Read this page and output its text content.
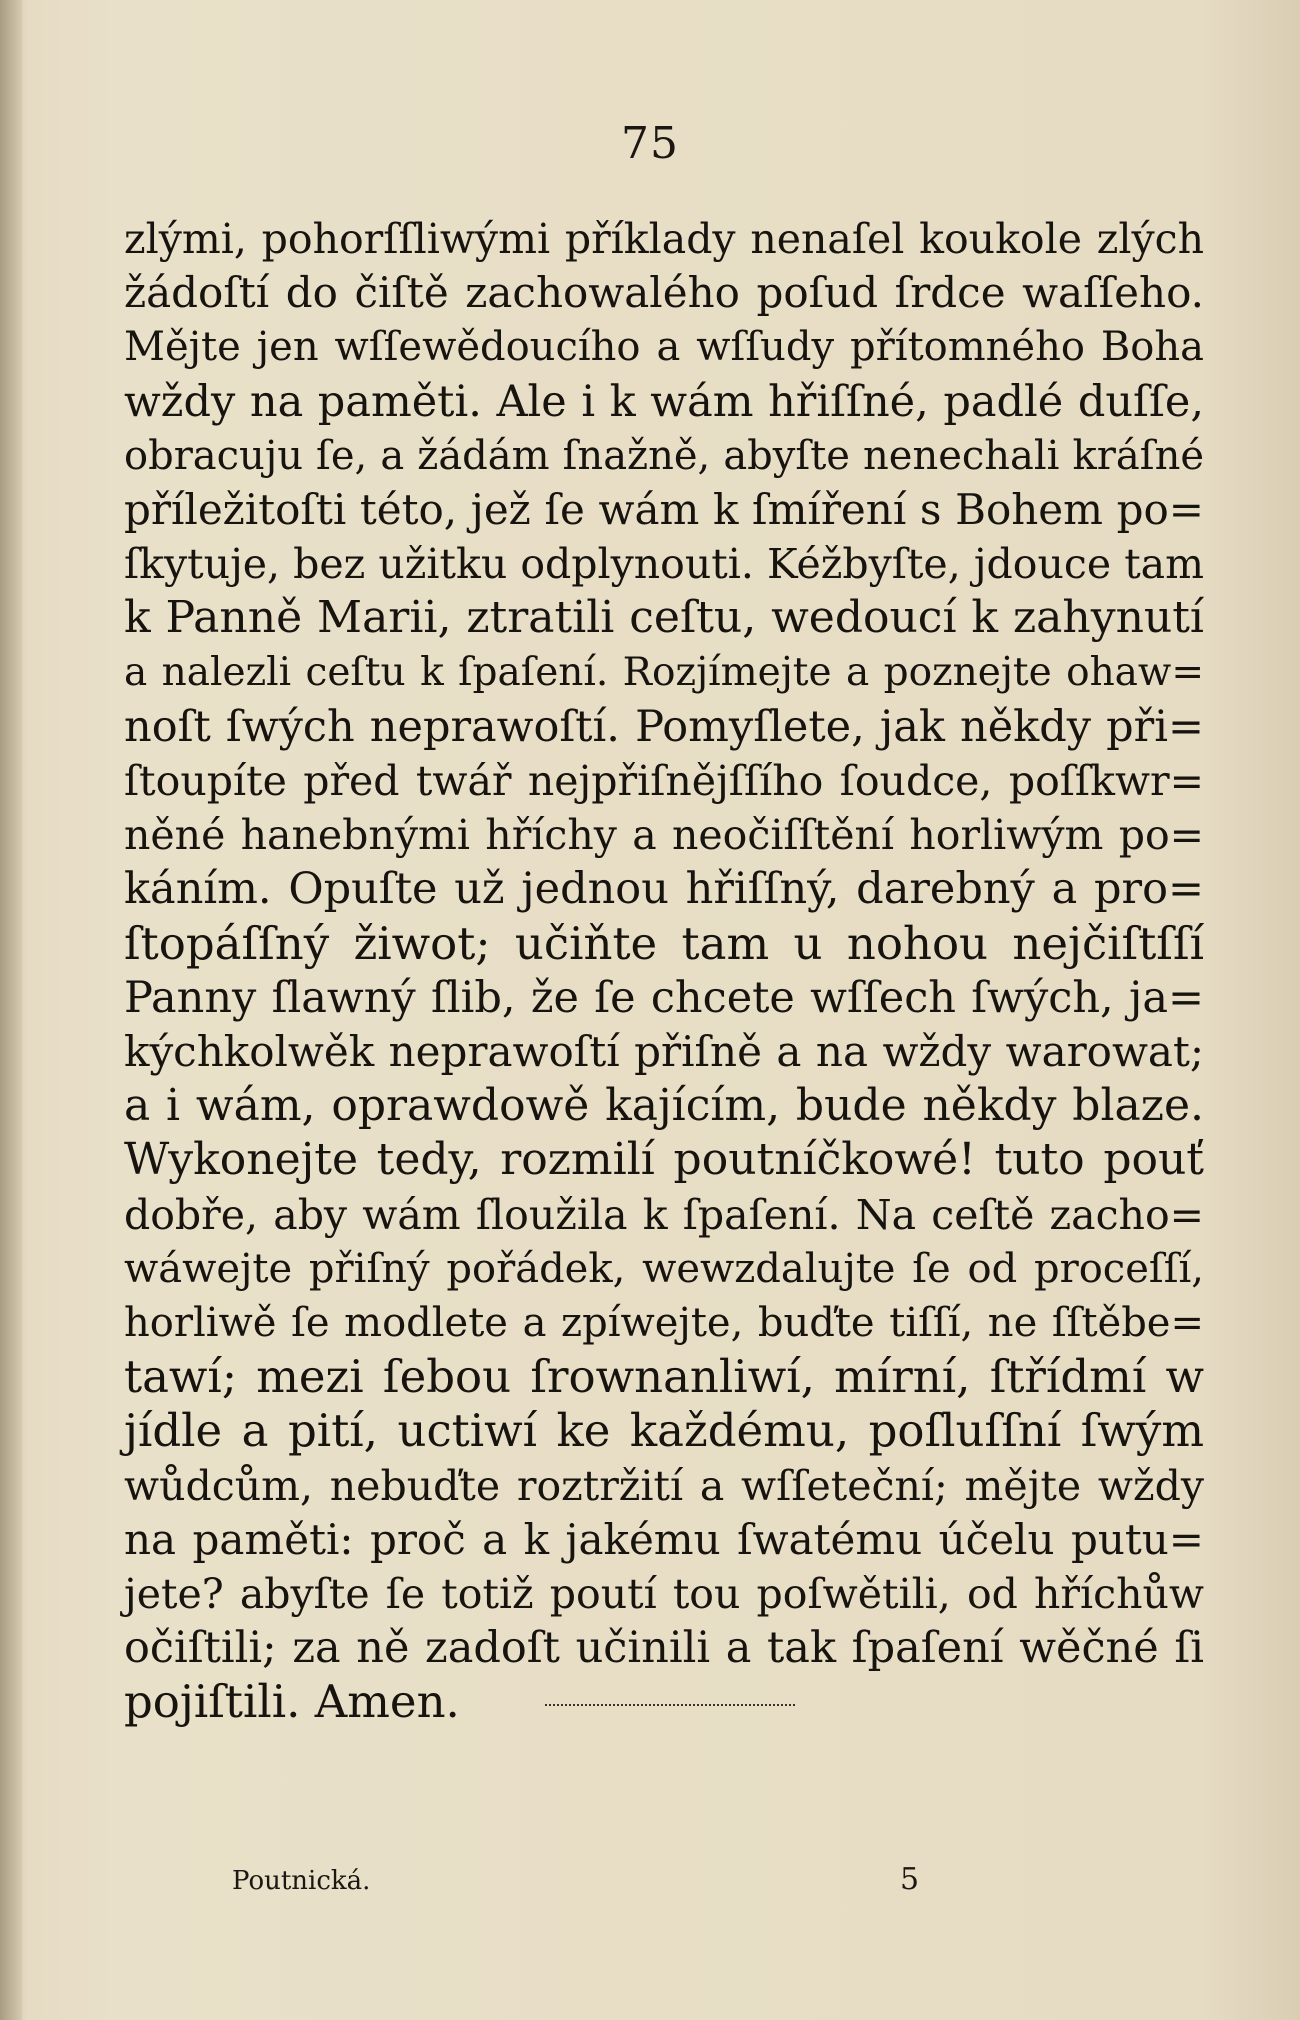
75
zlými, pohorſſliwými příklady nenaſel koukole zlých
žádoſtí do čiſtě zachowalého poſud ſrdce waſſeho.
Mějte jen wſſewědoucího a wſſudy přítomného Boha
wždy na paměti. Ale i k wám hřiſſné, padlé duſſe,
obracuju ſe, a žádám ſnažně, abyſte nenechali kráſné
příležitoſti této, jež ſe wám k ſmíření s Bohem po=
ſkytuje, bez užitku odplynouti. Kéžbyſte, jdouce tam
k Panně Marii, ztratili ceſtu, wedoucí k zahynutí
a nalezli ceſtu k ſpaſení. Rozjímejte a poznejte ohaw=
noſt ſwých neprawoſtí. Pomyſlete, jak někdy při=
ſtoupíte před twář nejpřiſnějſſího ſoudce, poſſkwr=
něné hanebnými hříchy a neočiſſtění horliwým po=
káním. Opuſte už jednou hřiſſný, darebný a pro=
ſtopáſſný žiwot; učiňte tam u nohou nejčiſtſſí
Panny ſlawný ſlib, že ſe chcete wſſech ſwých, ja=
kýchkolwěk neprawoſtí přiſně a na wždy warowat;
a i wám, oprawdowě kajícím, bude někdy blaze.
Wykonejte tedy, rozmilí poutníčkowé! tuto pouť
dobře, aby wám ſloužila k ſpaſení. Na ceſtě zacho=
wáwejte přiſný pořádek, wewzdalujte ſe od proceſſí,
horliwě ſe modlete a zpíwejte, buďte tiſſí, ne ſſtěbe=
tawí; mezi ſebou ſrownanliwí, mírní, ſtřídmí w
jídle a pití, uctiwí ke každému, poſluſſní ſwým
wůdcům, nebuďte roztržití a wſſeteční; mějte wždy
na paměti: proč a k jakému ſwatému účelu putu=
jete? abyſte ſe totiž poutí tou poſwětili, od hříchůw
očiſtili; za ně zadoſt učinili a tak ſpaſení wěčné ſi
pojiſtili. Amen.
Poutnická.	5
